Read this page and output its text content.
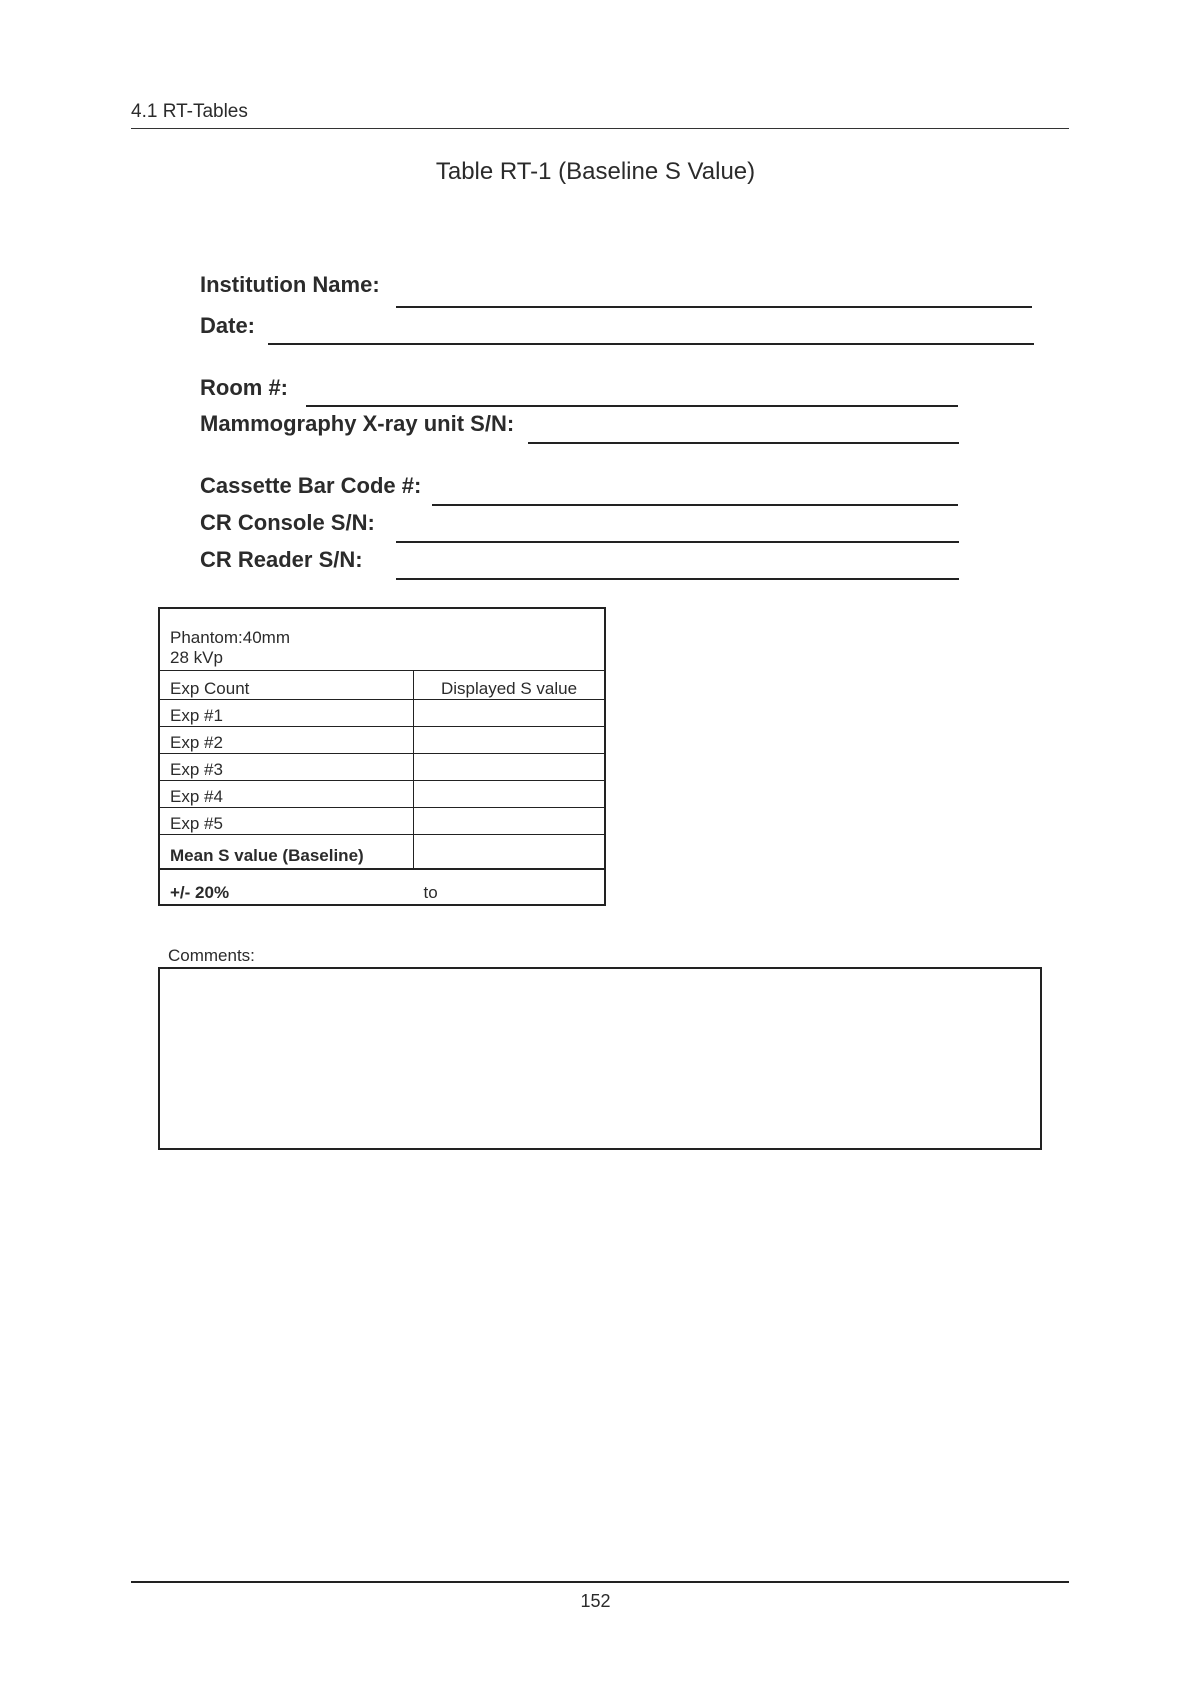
4.1 RT-Tables
Table RT-1 (Baseline S Value)
Institution Name:
Date:
Room #:
Mammography X-ray unit S/N:
Cassette Bar Code #:
CR Console S/N:
CR Reader S/N:
Phantom:40mm
28 kVp	

Exp Count	Displayed S value
Exp #1	
Exp #2	
Exp #3	
Exp #4	
Exp #5	
Mean S value (Baseline)	
+/- 20%	to
Comments:
152
